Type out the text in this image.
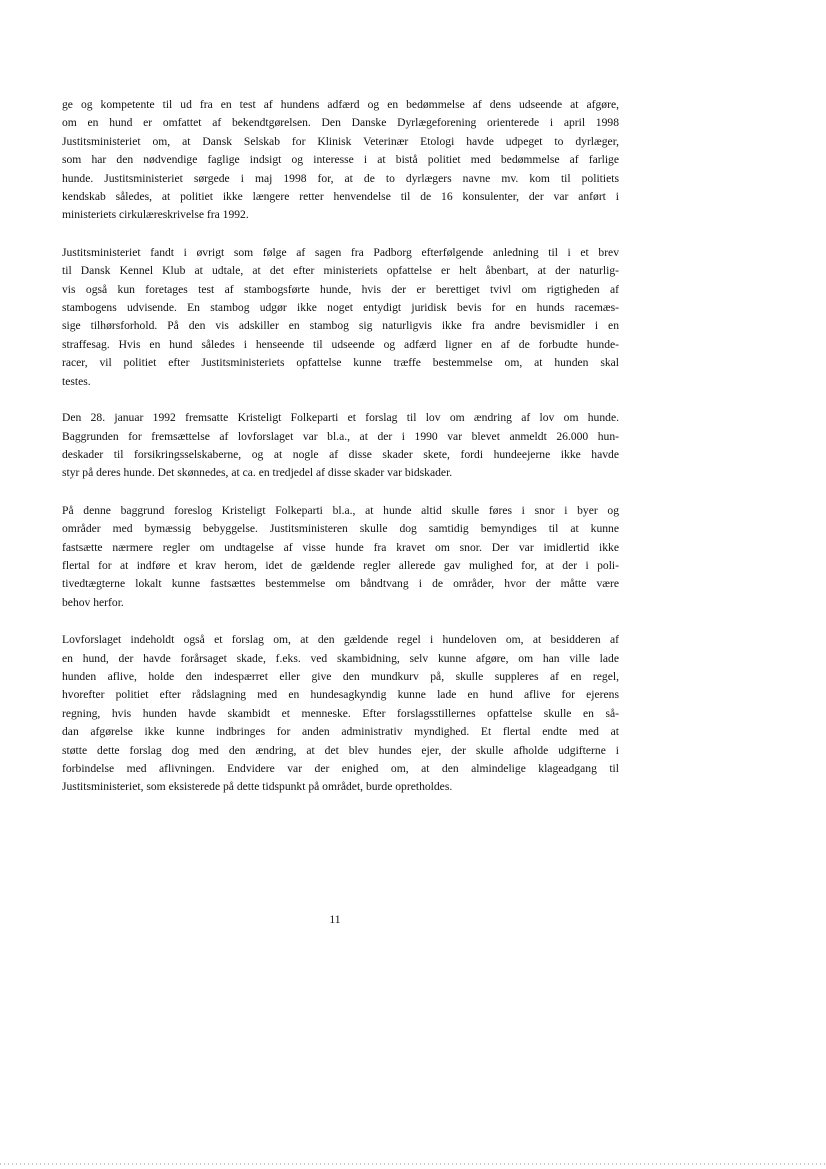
ge og kompetente til ud fra en test af hundens adfærd og en bedømmelse af dens udseende at afgøre,
om en hund er omfattet af bekendtgørelsen. Den Danske Dyrlægeforening orienterede i april 1998
Justitsministeriet om, at Dansk Selskab for Klinisk Veterinær Etologi havde udpeget to dyrlæger,
som har den nødvendige faglige indsigt og interesse i at bistå politiet med bedømmelse af farlige
hunde. Justitsministeriet sørgede i maj 1998 for, at de to dyrlægers navne mv. kom til politiets
kendskab således, at politiet ikke længere retter henvendelse til de 16 konsulenter, der var anført i
ministeriets cirkulæreskrivelse fra 1992.

Justitsministeriet fandt i øvrigt som følge af sagen fra Padborg efterfølgende anledning til i et brev
til Dansk Kennel Klub at udtale, at det efter ministeriets opfattelse er helt åbenbart, at der naturlig-
vis også kun foretages test af stambogsførte hunde, hvis der er berettiget tvivl om rigtigheden af
stambogens udvisende. En stambog udgør ikke noget entydigt juridisk bevis for en hunds racemæs-
sige tilhørsforhold. På den vis adskiller en stambog sig naturligvis ikke fra andre bevismidler i en
straffesag. Hvis en hund således i henseende til udseende og adfærd ligner en af de forbudte hunde-
racer, vil politiet efter Justitsministeriets opfattelse kunne træffe bestemmelse om, at hunden skal
testes.

Den 28. januar 1992 fremsatte Kristeligt Folkeparti et forslag til lov om ændring af lov om hunde.
Baggrunden for fremsættelse af lovforslaget var bl.a., at der i 1990 var blevet anmeldt 26.000 hun-
deskader til forsikringsselskaberne, og at nogle af disse skader skete, fordi hundeejerne ikke havde
styr på deres hunde. Det skønnedes, at ca. en tredjedel af disse skader var bidskader.

På denne baggrund foreslog Kristeligt Folkeparti bl.a., at hunde altid skulle føres i snor i byer og
områder med bymæssig bebyggelse. Justitsministeren skulle dog samtidig bemyndiges til at kunne
fastsætte nærmere regler om undtagelse af visse hunde fra kravet om snor. Der var imidlertid ikke
flertal for at indføre et krav herom, idet de gældende regler allerede gav mulighed for, at der i poli-
tivedtægterne lokalt kunne fastsættes bestemmelse om båndtvang i de områder, hvor der måtte være
behov herfor.

Lovforslaget indeholdt også et forslag om, at den gældende regel i hundeloven om, at besidderen af
en hund, der havde forårsaget skade, f.eks. ved skambidning, selv kunne afgøre, om han ville lade
hunden aflive, holde den indespærret eller give den mundkurv på, skulle suppleres af en regel,
hvorefter politiet efter rådslagning med en hundesagkyndig kunne lade en hund aflive for ejerens
regning, hvis hunden havde skambidt et menneske. Efter forslagsstillernes opfattelse skulle en så-
dan afgørelse ikke kunne indbringes for anden administrativ myndighed. Et flertal endte med at
støtte dette forslag dog med den ændring, at det blev hundes ejer, der skulle afholde udgifterne i
forbindelse med aflivningen. Endvidere var der enighed om, at den almindelige klageadgang til
Justitsministeriet, som eksisterede på dette tidspunkt på området, burde opretholdes.

11
